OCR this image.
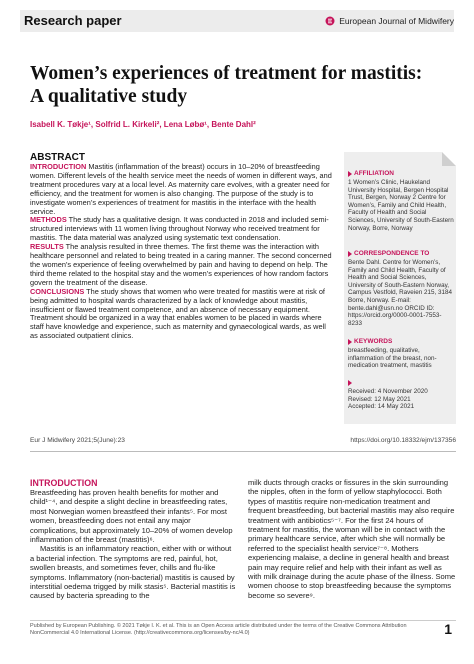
Research paper	European Journal of Midwifery
Women’s experiences of treatment for mastitis:
A qualitative study
Isabell K. Tøkje¹, Solfrid L. Kirkeli², Lena Løbø¹, Bente Dahl²
ABSTRACT

INTRODUCTION Mastitis (inflammation of the breast) occurs in 10–20% of breastfeeding women. Different levels of the health service meet the needs of women in different ways, and treatment procedures vary at a local level. As maternity care evolves, with a greater need for efficiency, and the treatment for women is also changing. The purpose of the study is to investigate women’s experiences of treatment for mastitis in the interface with the health service.

METHODS The study has a qualitative design. It was conducted in 2018 and included semi-structured interviews with 11 women living throughout Norway who received treatment for mastitis. The data material was analyzed using systematic text condensation.

RESULTS The analysis resulted in three themes. The first theme was the interaction with healthcare personnel and related to being treated in a caring manner. The second concerned the women’s experience of feeling overwhelmed by pain and having to depend on help. The third theme related to the hospital stay and the women’s experiences of how random factors govern the treatment of the disease.

CONCLUSIONS The study shows that women who were treated for mastitis were at risk of being admitted to hospital wards characterized by a lack of knowledge about mastitis, insufficient or flawed treatment competence, and an absence of necessary equipment. Treatment should be organized in a way that enables women to be placed in wards where staff have knowledge and experience, such as maternity and gynaecological wards, as well as associated outpatient clinics.

AFFILIATION
1 Women’s Clinic, Haukeland University Hospital, Bergen Hospital Trust, Bergen, Norway 2 Centre for Women’s, Family and Child Health, Faculty of Health and Social Sciences, University of South-Eastern Norway, Borre, Norway
CORRESPONDENCE TO
Bente Dahl. Centre for Women’s, Family and Child Health, Faculty of Health and Social Sciences, University of South-Eastern Norway, Campus Vestfold, Raveien 215, 3184 Borre, Norway. E-mail: bente.dahl@usn.no ORCID ID: https://orcid.org/0000-0001-7553-8233
KEYWORDS
breastfeeding, qualitative, inflammation of the breast, non-medication treatment, mastitis

Received: 4 November 2020

Revised: 12 May 2021

Accepted: 14 May 2021

Eur J Midwifery 2021;5(June):23	https://doi.org/10.18332/ejm/137356
INTRODUCTION

Breastfeeding has proven health benefits for mother and child¹⁻⁴, and despite a slight decline in breastfeeding rates, most Norwegian women breastfeed their infants⁵. For most women, breastfeeding does not entail any major complications, but approximately 10–20% of women develop inflammation of the breast (mastitis)⁶.

Mastitis is an inflammatory reaction, either with or without a bacterial infection. The symptoms are red, painful, hot, swollen breasts, and sometimes fever, chills and flu-like symptoms. Inflammatory (non-bacterial) mastitis is caused by interstitial oedema trigged by milk stasis⁵. Bacterial mastitis is caused by bacteria spreading to the

milk ducts through cracks or fissures in the skin surrounding the nipples, often in the form of yellow staphylococci. Both types of mastitis require non-medication treatment and frequent breastfeeding, but bacterial mastitis may also require treatment with antibiotics⁵⁻⁷. For the first 24 hours of treatment for mastitis, the woman will be in contact with the primary healthcare service, after which she will normally be referred to the specialist health service⁷⁻⁸. Mothers experiencing malaise, a decline in general health and breast pain may require relief and help with their infant as well as with milk drainage during the acute phase of the illness. Some women choose to stop breastfeeding because the symptoms become so severe⁹.

Published by European Publishing. © 2021 Tøkje I. K. et al. This is an Open Access article distributed under the terms of the Creative Commons Attribution NonCommercial 4.0 International License. (http://creativecommons.org/licenses/by-nc/4.0)	1
